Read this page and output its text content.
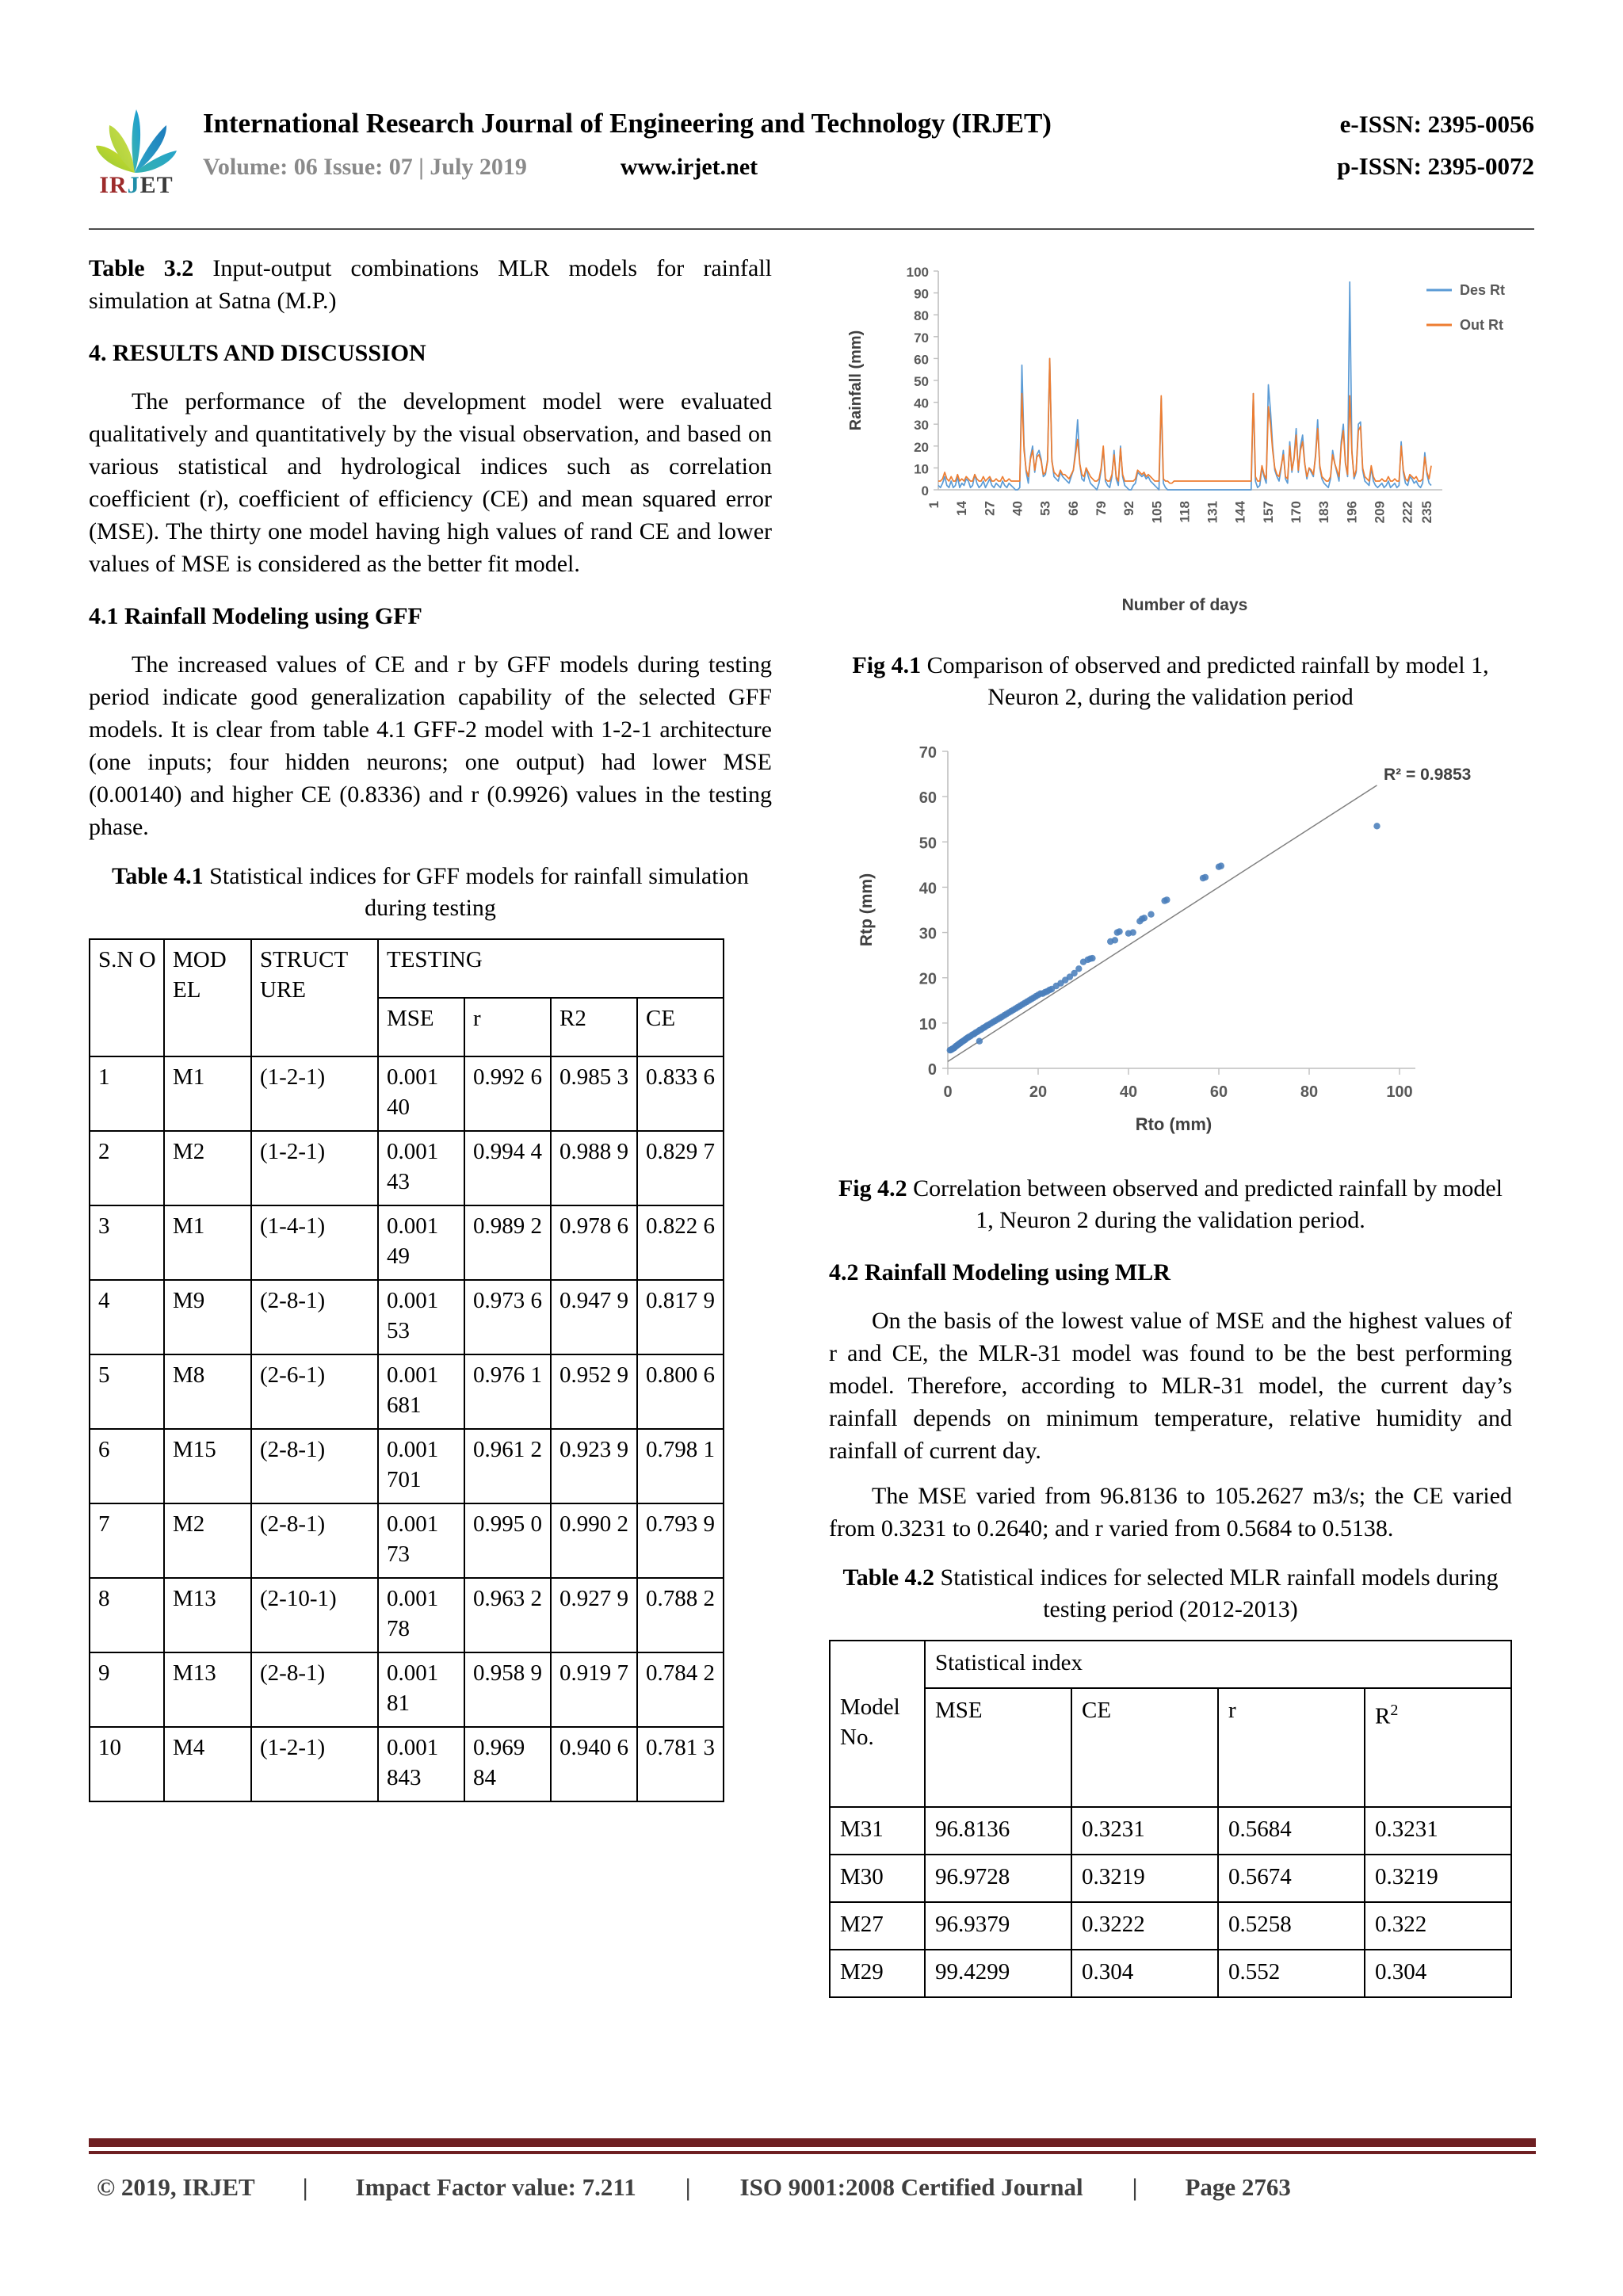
IRJET
International Research Journal of Engineering and Technology (IRJET)	e-ISSN: 2395-0056
Volume: 06 Issue: 07 | July 2019	www.irjet.net	p-ISSN: 2395-0072
Table 3.2 Input-output combinations MLR models for rainfall simulation at Satna (M.P.)
4. RESULTS AND DISCUSSION

The performance of the development model were evaluated qualitatively and quantitatively by the visual observation, and based on various statistical and hydrological indices such as correlation coefficient (r), coefficient of efficiency (CE) and mean squared error (MSE). The thirty one model having high values of rand CE and lower values of MSE is considered as the better fit model.

4.1 Rainfall Modeling using GFF

The increased values of CE and r by GFF models during testing period indicate good generalization capability of the selected GFF models. It is clear from table 4.1 GFF-2 model with 1-2-1 architecture (one inputs; four hidden neurons; one output) had lower MSE (0.00140) and higher CE (0.8336) and r (0.9926) values in the testing phase.

Table 4.1 Statistical indices for GFF models for rainfall simulation during testing
S.N O	MOD EL	STRUCT URE	TESTING			
			MSE	r	R2	CE
1	M1	(1-2-1)	0.001 40	0.992 6	0.985 3	0.833 6
2	M2	(1-2-1)	0.001 43	0.994 4	0.988 9	0.829 7
3	M1	(1-4-1)	0.001 49	0.989 2	0.978 6	0.822 6
4	M9	(2-8-1)	0.001 53	0.973 6	0.947 9	0.817 9
5	M8	(2-6-1)	0.001 681	0.976 1	0.952 9	0.800 6
6	M15	(2-8-1)	0.001 701	0.961 2	0.923 9	0.798 1
7	M2	(2-8-1)	0.001 73	0.995 0	0.990 2	0.793 9
8	M13	(2-10-1)	0.001 78	0.963 2	0.927 9	0.788 2
9	M13	(2-8-1)	0.001 81	0.958 9	0.919 7	0.784 2
10	M4	(1-2-1)	0.001 843	0.969 84	0.940 6	0.781 3
0
10
20
30
40
50
60
70
80
90
100
1 14 27 40 53 66 79 92 105 118 131 144 157 170 183 196 209 222 235
Rainfall (mm)
Number of days
Des Rt
Out Rt
Fig 4.1 Comparison of observed and predicted rainfall by model 1, Neuron 2, during the validation period
0
10
20
30
40
50
60
70
0	20	40	60	80	100
R² = 0.9853
Rtp (mm)
Rto (mm)
Fig 4.2 Correlation between observed and predicted rainfall by model 1, Neuron 2 during the validation period.
4.2 Rainfall Modeling using MLR

On the basis of the lowest value of MSE and the highest values of r and CE, the MLR-31 model was found to be the best performing model. Therefore, according to MLR-31 model, the current day’s rainfall depends on minimum temperature, relative humidity and rainfall of current day.

The MSE varied from 96.8136 to 105.2627 m3/s; the CE varied from 0.3231 to 0.2640; and r varied from 0.5684 to 0.5138.

Table 4.2 Statistical indices for selected MLR rainfall models during testing period (2012-2013)
Model No.	Statistical index			
	MSE	CE	r	$R^2$
M31	96.8136	0.3231	0.5684	0.3231
M30	96.9728	0.3219	0.5674	0.3219
M27	96.9379	0.3222	0.5258	0.322
M29	99.4299	0.304	0.552	0.304
© 2019, IRJET | Impact Factor value: 7.211 | ISO 9001:2008 Certified Journal | Page 2763
